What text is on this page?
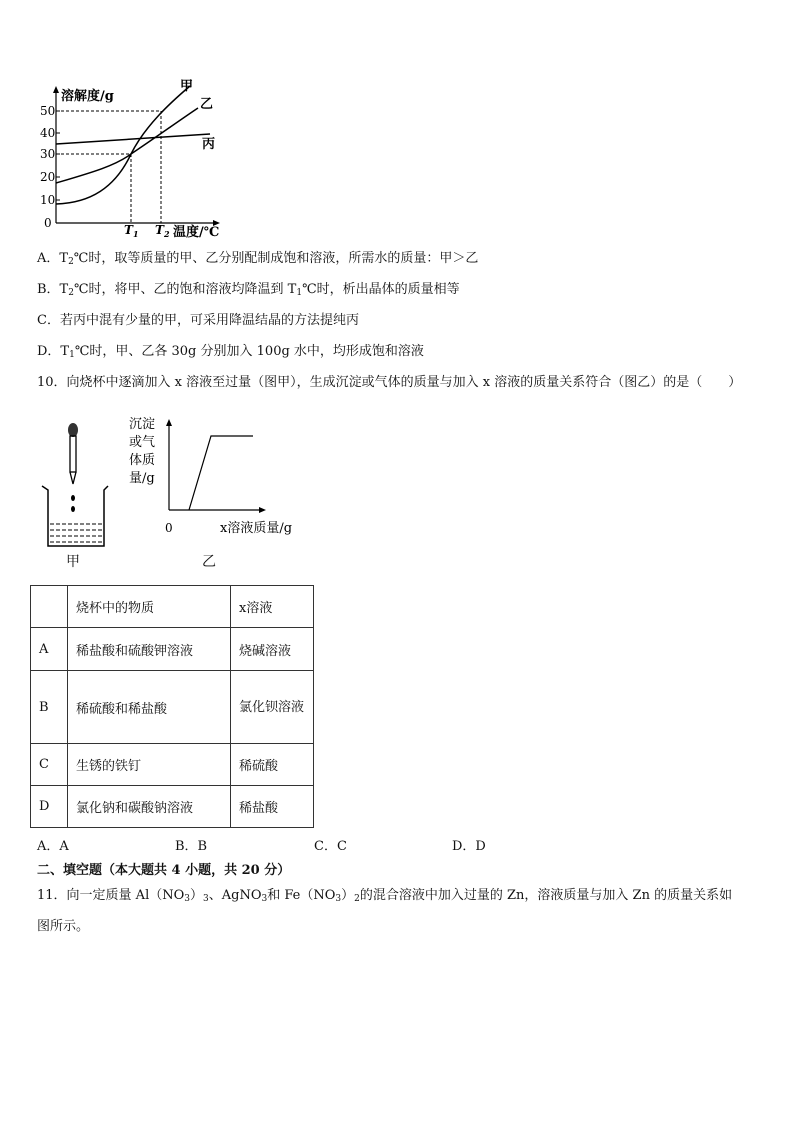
50
40
30
20
10
0
溶解度/g
温度/℃
$T_1$ $T_2$
甲
乙
丙
A．$T_2℃$时，取等质量的甲、乙分别配制成饱和溶液，所需水的质量：甲＞乙
B．$T_2℃$时，将甲、乙的饱和溶液均降温到 $T_1℃$时，析出晶体的质量相等
C．若丙中混有少量的甲，可采用降温结晶的方法提纯丙
D．$T_1℃$时，甲、乙各 30g 分别加入 100g 水中，均形成饱和溶液
10．向烧杯中逐滴加入 x 溶液至过量（图甲），生成沉淀或气体的质量与加入 x 溶液的质量关系符合（图乙）的是（　　）
甲
沉淀
或气
体质
量/g
0	x溶液质量/g
乙
	烧杯中的物质	x溶液
A	稀盐酸和硫酸钾溶液	烧碱溶液
B	稀硫酸和稀盐酸	氯化钡溶液
C	生锈的铁钉	稀硫酸
D	氯化钠和碳酸钠溶液	稀盐酸
A．A	B．B	C．C	D．D
二、填空题（本大题共 4 小题，共 20 分）
11．向一定质量 $Al(NO_3)_3$、AgNO$_3$和 $Fe(NO_3)_2$的混合溶液中加入过量的 Zn，溶液质量与加入 Zn 的质量关系如
图所示。
